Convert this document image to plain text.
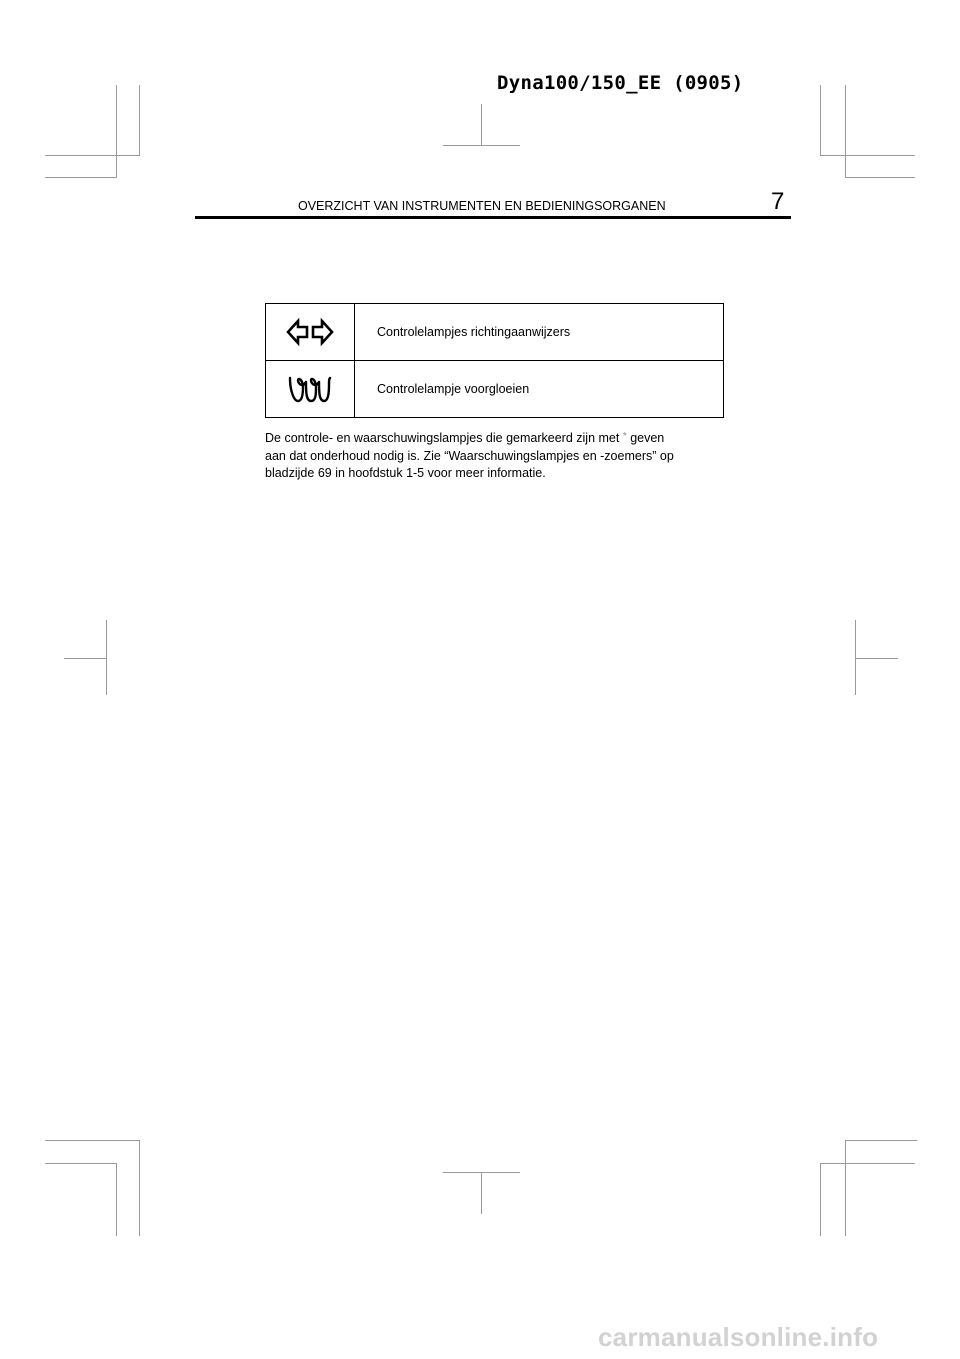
Dyna100/150_EE (0905)
OVERZICHT VAN INSTRUMENTEN EN BEDIENINGSORGANEN	7
	Controlelampjes richtingaanwijzers

	Controlelampje voorgloeien

De controle- en waarschuwingslampjes die gemarkeerd zijn met * geven

aan dat onderhoud nodig is. Zie “Waarschuwingslampjes en -zoemers” op

bladzijde 69 in hoofdstuk 1-5 voor meer informatie.

carmanualsonline.info
